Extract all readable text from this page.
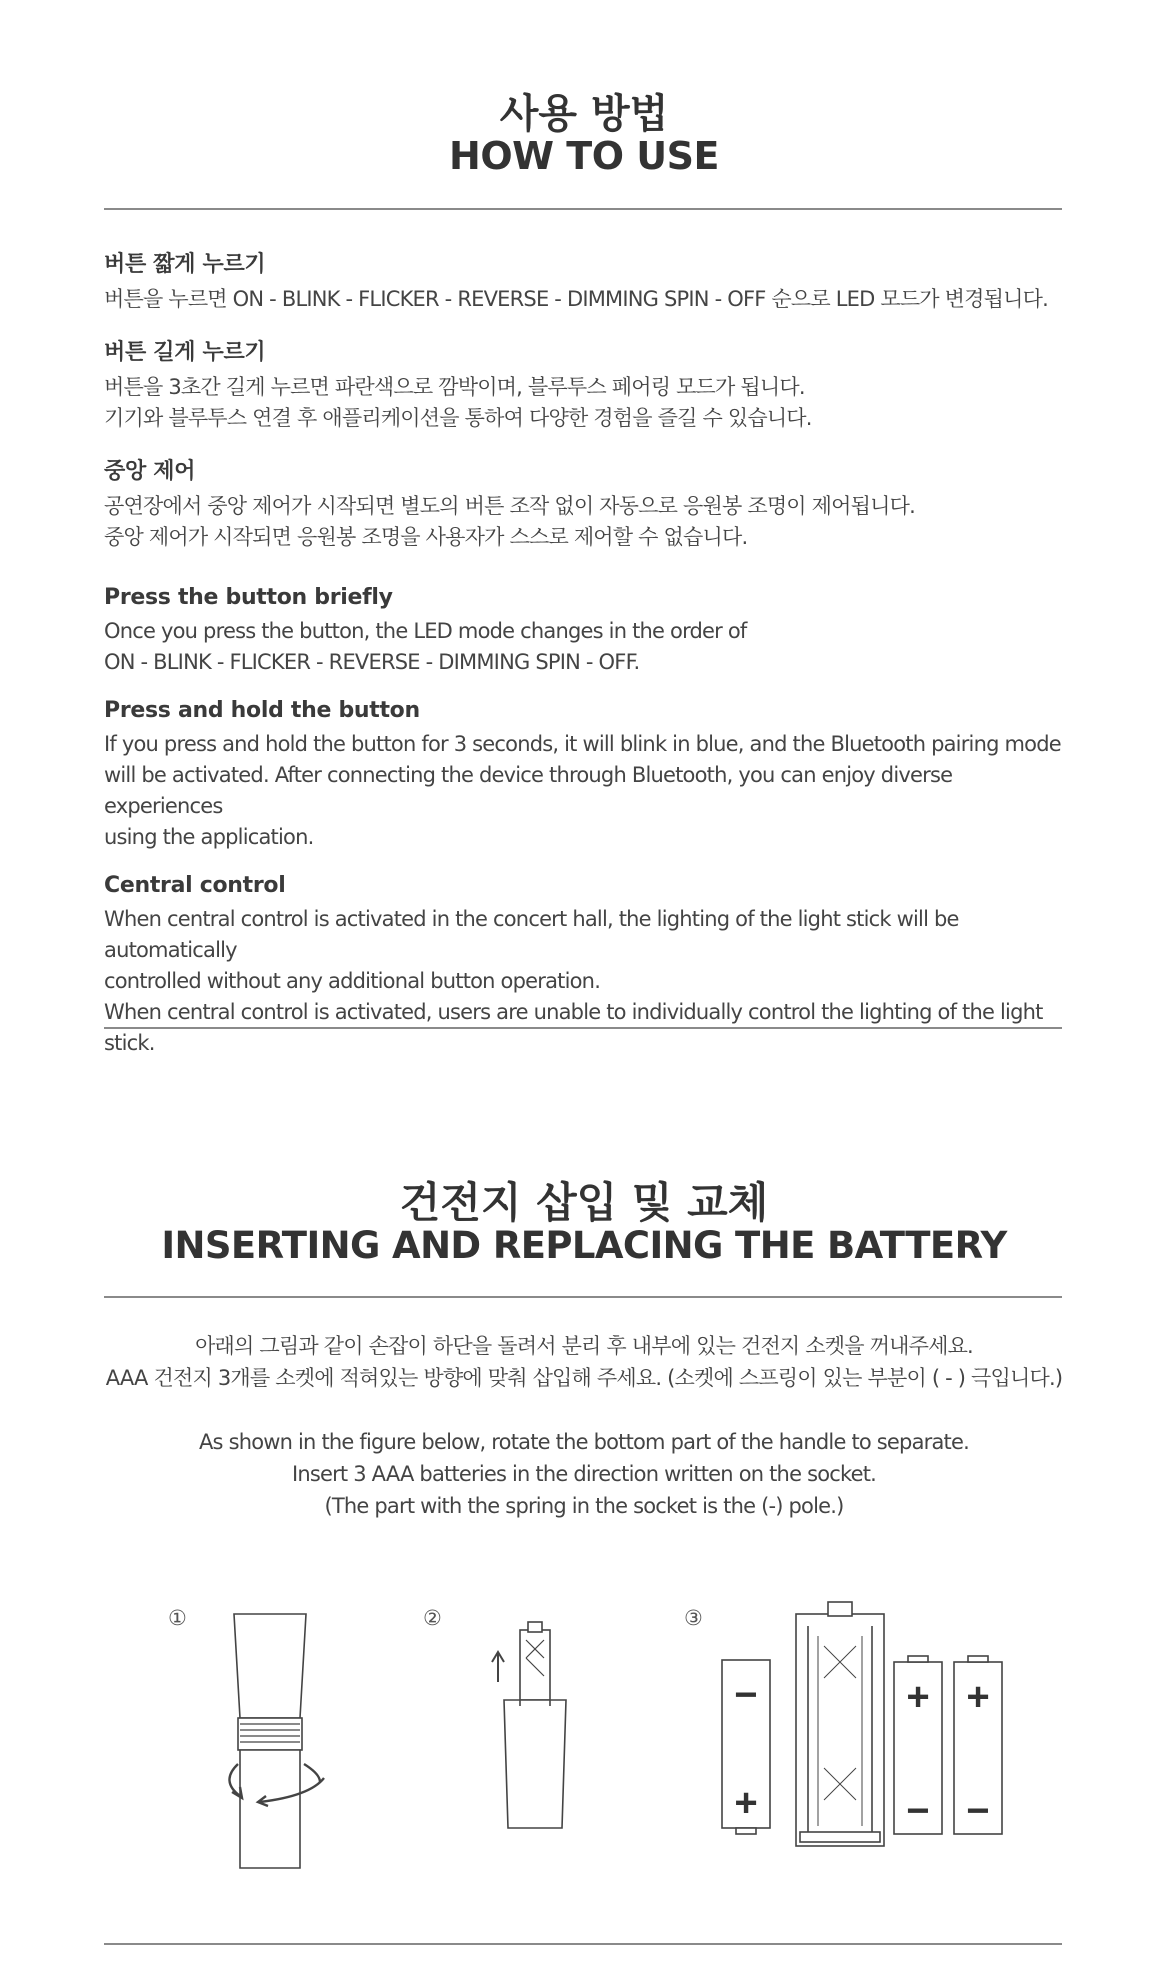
사용 방법
HOW TO USE
버튼 짧게 누르기
버튼을 누르면 ON - BLINK - FLICKER - REVERSE - DIMMING SPIN - OFF 순으로 LED 모드가 변경됩니다.
버튼 길게 누르기
버튼을 3초간 길게 누르면 파란색으로 깜박이며, 블루투스 페어링 모드가 됩니다.
기기와 블루투스 연결 후 애플리케이션을 통하여 다양한 경험을 즐길 수 있습니다.
중앙 제어
공연장에서 중앙 제어가 시작되면 별도의 버튼 조작 없이 자동으로 응원봉 조명이 제어됩니다.
중앙 제어가 시작되면 응원봉 조명을 사용자가 스스로 제어할 수 없습니다.
Press the button briefly
Once you press the button, the LED mode changes in the order of
ON - BLINK - FLICKER - REVERSE - DIMMING SPIN - OFF.
Press and hold the button
If you press and hold the button for 3 seconds, it will blink in blue, and the Bluetooth pairing mode
will be activated. After connecting the device through Bluetooth, you can enjoy diverse experiences
using the application.
Central control
When central control is activated in the concert hall, the lighting of the light stick will be automatically
controlled without any additional button operation.
When central control is activated, users are unable to individually control the lighting of the light stick.
건전지 삽입 및 교체
INSERTING AND REPLACING THE BATTERY
아래의 그림과 같이 손잡이 하단을 돌려서 분리 후 내부에 있는 건전지 소켓을 꺼내주세요.
AAA 건전지 3개를 소켓에 적혀있는 방향에 맞춰 삽입해 주세요. (소켓에 스프링이 있는 부분이 ( - ) 극입니다.)
As shown in the figure below, rotate the bottom part of the handle to separate.
Insert 3 AAA batteries in the direction written on the socket.
(The part with the spring in the socket is the (-) pole.)
①	②	③
−
+
+
−
+
−
